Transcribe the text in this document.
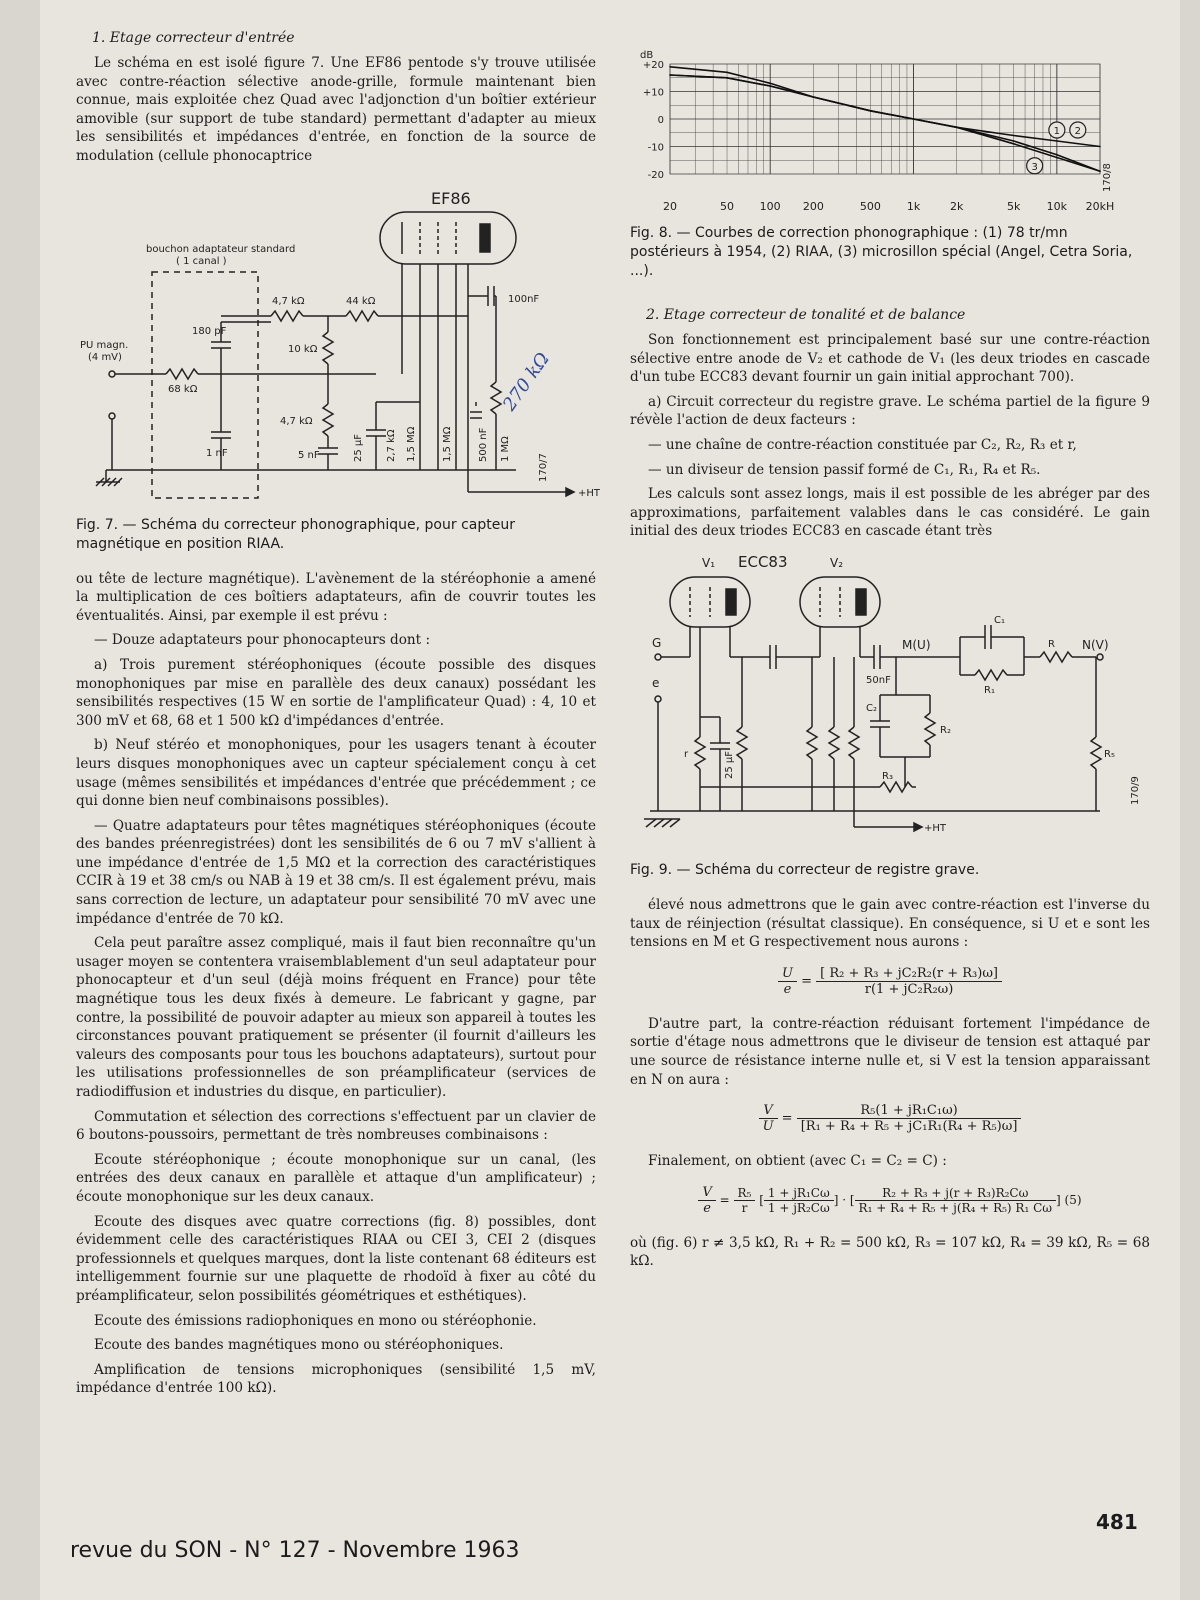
1. Etage correcteur d'entrée

Le schéma en est isolé figure 7. Une EF86 pentode s'y trouve utilisée avec contre-réaction sélective anode-grille, formule maintenant bien connue, mais exploitée chez Quad avec l'adjonction d'un boîtier extérieur amovible (sur support de tube standard) permettant d'adapter au mieux les sensibilités et impédances d'entrée, en fonction de la source de modulation (cellule phonocaptrice

EF86
bouchon adaptateur standard
( 1 canal )
PU magn.
(4 mV)
68 kΩ
180 pF
1 nF
4,7 kΩ	44 kΩ
10 kΩ
4,7 kΩ
5 nF
100nF
25 µF 2,7 kΩ 1,5 MΩ	1,5 MΩ	500 nF 1 MΩ
270 kΩ
+HT
170/7
Fig. 7. — Schéma du correcteur phonographique, pour capteur magnétique en position RIAA.

ou tête de lecture magnétique). L'avènement de la stéréophonie a amené la multiplication de ces boîtiers adaptateurs, afin de couvrir toutes les éventualités. Ainsi, par exemple il est prévu :

— Douze adaptateurs pour phonocapteurs dont :

a) Trois purement stéréophoniques (écoute possible des disques monophoniques par mise en parallèle des deux canaux) possédant les sensibilités respectives (15 W en sortie de l'amplificateur Quad) : 4, 10 et 300 mV et 68, 68 et 1 500 kΩ d'impédances d'entrée.

b) Neuf stéréo et monophoniques, pour les usagers tenant à écouter leurs disques monophoniques avec un capteur spécialement conçu à cet usage (mêmes sensibilités et impédances d'entrée que précédemment ; ce qui donne bien neuf combinaisons possibles).

— Quatre adaptateurs pour têtes magnétiques stéréophoniques (écoute des bandes préenregistrées) dont les sensibilités de 6 ou 7 mV s'allient à une impédance d'entrée de 1,5 MΩ et la correction des caractéristiques CCIR à 19 et 38 cm/s ou NAB à 19 et 38 cm/s. Il est également prévu, mais sans correction de lecture, un adaptateur pour sensibilité 70 mV avec une impédance d'entrée de 70 kΩ.

Cela peut paraître assez compliqué, mais il faut bien reconnaître qu'un usager moyen se contentera vraisemblablement d'un seul adaptateur pour phonocapteur et d'un seul (déjà moins fréquent en France) pour tête magnétique tous les deux fixés à demeure. Le fabricant y gagne, par contre, la possibilité de pouvoir adapter au mieux son appareil à toutes les circonstances pouvant pratiquement se présenter (il fournit d'ailleurs les valeurs des composants pour tous les bouchons adaptateurs), surtout pour les utilisations professionnelles de son préamplificateur (services de radiodiffusion et industries du disque, en particulier).

Commutation et sélection des corrections s'effectuent par un clavier de 6 boutons-poussoirs, permettant de très nombreuses combinaisons :

Ecoute stéréophonique ; écoute monophonique sur un canal, (les entrées des deux canaux en parallèle et attaque d'un amplificateur) ; écoute monophonique sur les deux canaux.

Ecoute des disques avec quatre corrections (fig. 8) possibles, dont évidemment celle des caractéristiques RIAA ou CEI 3, CEI 2 (disques professionnels et quelques marques, dont la liste contenant 68 éditeurs est intelligemment fournie sur une plaquette de rhodoïd à fixer au côté du préamplificateur, selon possibilités géométriques et esthétiques).

Ecoute des émissions radiophoniques en mono ou stéréophonie.

Ecoute des bandes magnétiques mono ou stéréophoniques.

Amplification de tensions microphoniques (sensibilité 1,5 mV, impédance d'entrée 100 kΩ).

dB
+20
+10
0
-10
-20
20	50 100 200	500 1k	2k	5k 10k 20kH
1 2
3	170/8
Fig. 8. — Courbes de correction phonographique : (1) 78 tr/mn postérieurs à 1954, (2) RIAA, (3) microsillon spécial (Angel, Cetra Soria, ...).
2. Etage correcteur de tonalité et de balance

Son fonctionnement est principalement basé sur une contre-réaction sélective entre anode de V₂ et cathode de V₁ (les deux triodes en cascade d'un tube ECC83 devant fournir un gain initial approchant 700).

a) Circuit correcteur du registre grave. Le schéma partiel de la figure 9 révèle l'action de deux facteurs :

— une chaîne de contre-réaction constituée par C₂, R₂, R₃ et r,

— un diviseur de tension passif formé de C₁, R₁, R₄ et R₅.

Les calculs sont assez longs, mais il est possible de les abréger par des approximations, parfaitement valables dans le cas considéré. Le gain initial des deux triodes ECC83 en cascade étant très

V₁ ECC83	V₂
G
e
M(U)	N(V)
C₁
R
R₁
C₂
R₂
R₃
R₅
r
50nF
25 µF
+HT
170/9
Fig. 9. — Schéma du correcteur de registre grave.

élevé nous admettrons que le gain avec contre-réaction est l'inverse du taux de réinjection (résultat classique). En conséquence, si U et e sont les tensions en M et G respectivement nous aurons :

$\frac{U}{e} = \frac{\text{[ R₂ + R₃ + jC₂R₂(r + R₃)ω]}}{\text{r(1 + jC₂R₂ω)}}$

D'autre part, la contre-réaction réduisant fortement l'impédance de sortie d'étage nous admettrons que le diviseur de tension est attaqué par une source de résistance interne nulle et, si V est la tension apparaissant en N on aura :

$\frac{V}{U} = \frac{\text{R₅(1 + jR₁C₁ω)}}{\text{[R₁ + R₄ + R₅ + jC₁R₁(R₄ + R₅)ω]}}$

Finalement, on obtient (avec C₁ = C₂ = C) :

$\frac{V}{e} = \frac{\text{R₅}}{r}$ [ $\frac{\text{1 + jR₁Cω}}{\text{1 + jR₂Cω}}$ ] · [ $\frac{\text{R₂ + R₃ + j(r + R₃)R₂Cω}}{\text{R₁ + R₄ + R₅ + j(R₄ + R₅) R₁ Cω}}$ ] (5)

où (fig. 6) r ≠ 3,5 kΩ, R₁ + R₂ = 500 kΩ, R₃ = 107 kΩ, R₄ = 39 kΩ, R₅ = 68 kΩ.

481
revue du SON - N° 127 - Novembre 1963
